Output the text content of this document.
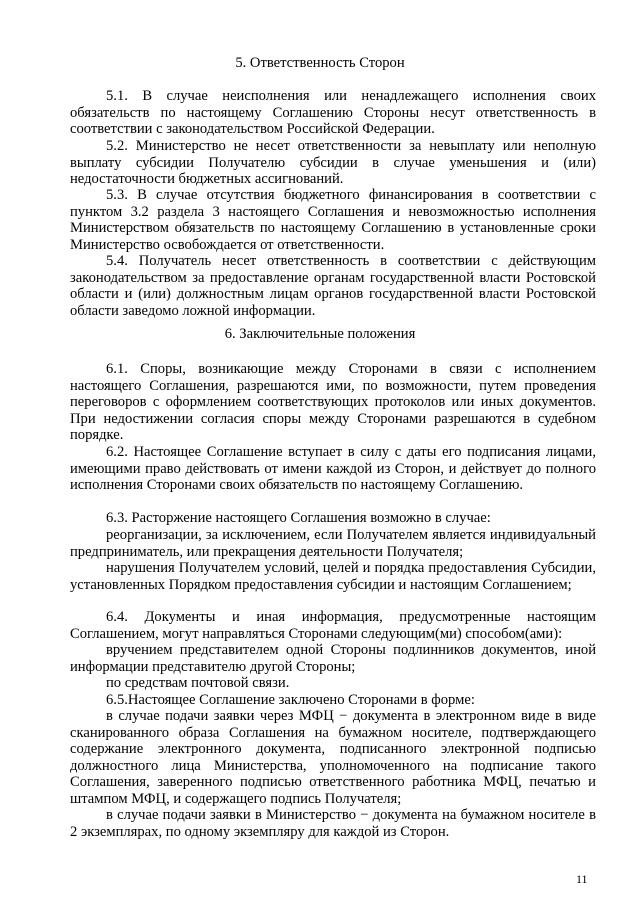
5. Ответственность Сторон

5.1. В случае неисполнения или ненадлежащего исполнения своих обязательств по настоящему Соглашению Стороны несут ответственность в соответствии с законодательством Российской Федерации.

5.2. Министерство не несет ответственности за невыплату или неполную выплату субсидии Получателю субсидии в случае уменьшения и (или) недостаточности бюджетных ассигнований.

5.3. В случае отсутствия бюджетного финансирования в соответствии с пунктом 3.2 раздела 3 настоящего Соглашения и невозможностью исполнения Министерством обязательств по настоящему Соглашению в установленные сроки Министерство освобождается от ответственности.

5.4. Получатель несет ответственность в соответствии с действующим законодательством за предоставление органам государственной власти Ростовской области и (или) должностным лицам органов государственной власти Ростовской области заведомо ложной информации.

6. Заключительные положения

6.1. Споры, возникающие между Сторонами в связи с исполнением настоящего Соглашения, разрешаются ими, по возможности, путем проведения переговоров с оформлением соответствующих протоколов или иных документов. При недостижении согласия споры между Сторонами разрешаются в судебном порядке.

6.2. Настоящее Соглашение вступает в силу с даты его подписания лицами, имеющими право действовать от имени каждой из Сторон, и действует до полного исполнения Сторонами своих обязательств по настоящему Соглашению.

6.3. Расторжение настоящего Соглашения возможно в случае:

реорганизации, за исключением, если Получателем является индивидуальный предприниматель, или прекращения деятельности Получателя;

нарушения Получателем условий, целей и порядка предоставления Субсидии, установленных Порядком предоставления субсидии и настоящим Соглашением;

6.4. Документы и иная информация, предусмотренные настоящим Соглашением, могут направляться Сторонами следующим(ми) способом(ами):

вручением представителем одной Стороны подлинников документов, иной информации представителю другой Стороны;

по средствам почтовой связи.

6.5.Настоящее Соглашение заключено Сторонами в форме:

в случае подачи заявки через МФЦ − документа в электронном виде в виде сканированного образа Соглашения на бумажном носителе, подтверждающего содержание электронного документа, подписанного электронной подписью должностного лица Министерства, уполномоченного на подписание такого Соглашения, заверенного подписью ответственного работника МФЦ, печатью и штампом МФЦ, и содержащего подпись Получателя;

в случае подачи заявки в Министерство − документа на бумажном носителе в 2 экземплярах, по одному экземпляру для каждой из Сторон.

11
